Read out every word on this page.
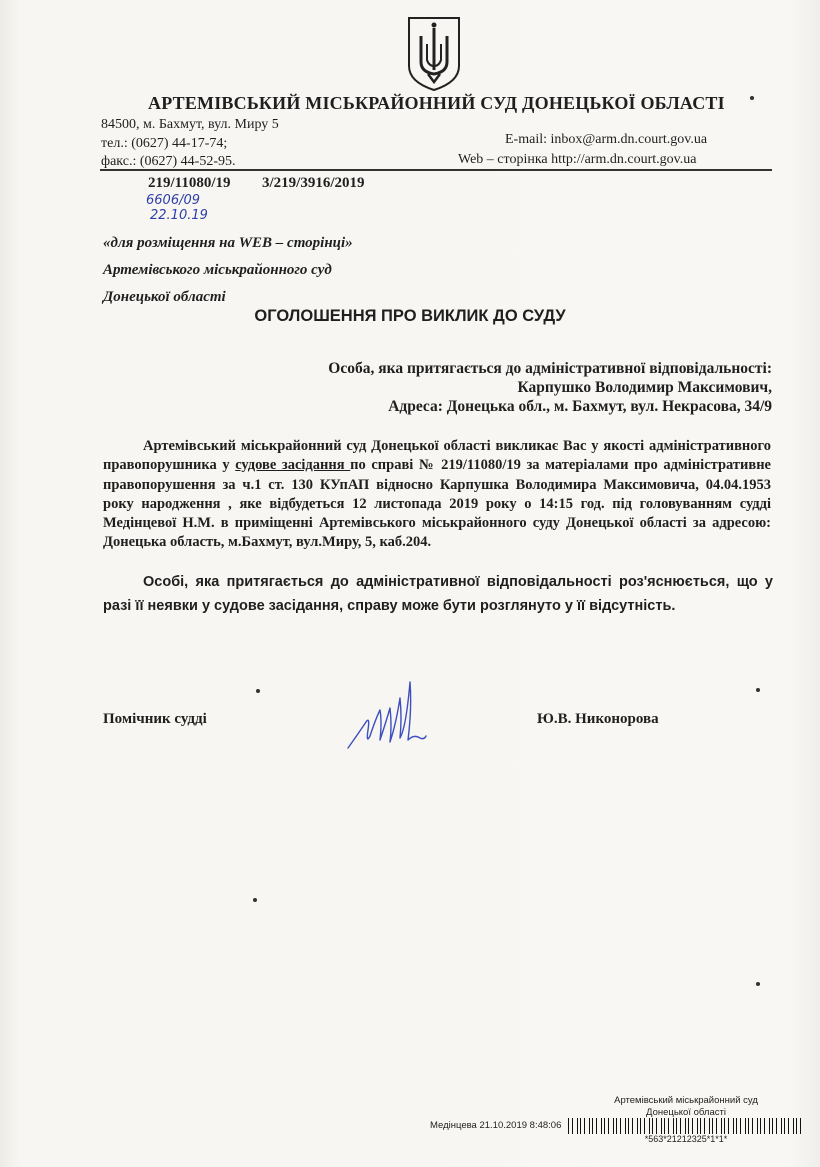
АРТЕМІВСЬКИЙ МІСЬКРАЙОННИЙ СУД ДОНЕЦЬКОЇ ОБЛАСТІ
84500, м. Бахмут, вул. Миру 5
тел.: (0627) 44-17-74;
факс.: (0627) 44-52-95.
E-mail: inbox@arm.dn.court.gov.ua
Web – сторінка http://arm.dn.court.gov.ua
219/11080/19 3/219/3916/2019
6606/09
22.10.19
«для розміщення на WEB – сторінці»
Артемівського міськрайонного суд
Донецької області
ОГОЛОШЕННЯ ПРО ВИКЛИК ДО СУДУ
Особа, яка притягається до адміністративної відповідальності:
Карпушко Володимир Максимович,
Адреса: Донецька обл., м. Бахмут, вул. Некрасова, 34/9
Артемівський міськрайонний суд Донецької області викликає Вас у якості адміністративного правопорушника у судове засідання по справі № 219/11080/19 за матеріалами про адміністративне правопорушення за ч.1 ст. 130 КУпАП відносно Карпушка Володимира Максимовича, 04.04.1953 року народження , яке відбудеться 12 листопада 2019 року о 14:15 год. під головуванням судді Медінцевої Н.М. в приміщенні Артемівського міськрайонного суду Донецької області за адресою: Донецька область, м.Бахмут, вул.Миру, 5, каб.204.
Особі, яка притягається до адміністративної відповідальності роз'яснюється, що у разі її неявки у судове засідання, справу може бути розглянуто у її відсутність.
Помічник судді	Ю.В. Никонорова
Артемівський міськрайонний суд
Донецької області
Медінцева 21.10.2019 8:48:06
*563*21212325*1*1*
